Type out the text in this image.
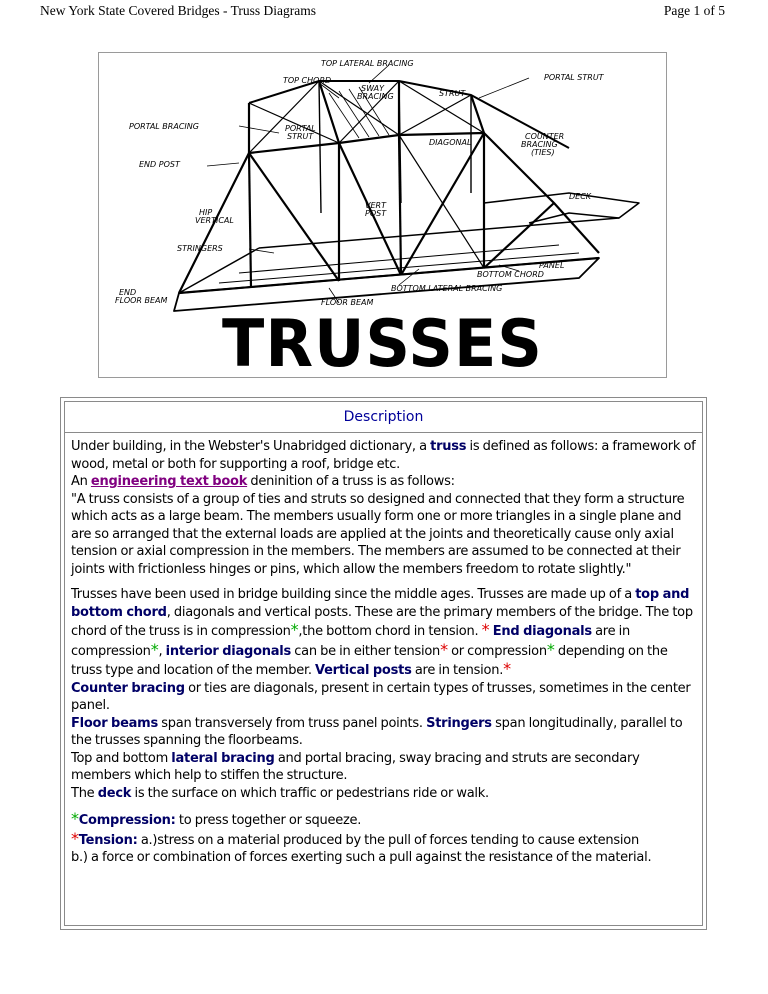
New York State Covered Bridges - Truss Diagrams	Page 1 of 5
TOP LATERAL BRACING
TOP CHORD
SWAY
BRACING	STRUT
PORTAL STRUT
PORTAL BRACING	PORTAL
STRUT	COUNTER
BRACING
(TIES)
DIAGONAL
END POST
DECK
HIP
VERTICAL
VERT
POST
STRINGERS
PANEL
BOTTOM CHORD
BOTTOM LATERAL BRACING
END
FLOOR BEAM	FLOOR BEAM
TRUSSES
Description

Under building, in the Webster's Unabridged dictionary, a truss is defined as follows: a framework of wood, metal or both for supporting a roof, bridge etc.
An engineering text book deninition of a truss is as follows:
"A truss consists of a group of ties and struts so designed and connected that they form a structure which acts as a large beam. The members usually form one or more triangles in a single plane and are so arranged that the external loads are applied at the joints and theoretically cause only axial tension or axial compression in the members. The members are assumed to be connected at their joints with frictionless hinges or pins, which allow the members freedom to rotate slightly."

Trusses have been used in bridge building since the middle ages. Trusses are made up of a top and bottom chord, diagonals and vertical posts. These are the primary members of the bridge. The top chord of the truss is in compression*,the bottom chord in tension. * End diagonals are in compression*, interior diagonals can be in either tension* or compression* depending on the truss type and location of the member. Vertical posts are in tension.*
Counter bracing or ties are diagonals, present in certain types of trusses, sometimes in the center panel.
Floor beams span transversely from truss panel points. Stringers span longitudinally, parallel to the trusses spanning the floorbeams.
Top and bottom lateral bracing and portal bracing, sway bracing and struts are secondary members which help to stiffen the structure.
The deck is the surface on which traffic or pedestrians ride or walk.

*Compression: to press together or squeeze.
*Tension: a.)stress on a material produced by the pull of forces tending to cause extension
b.) a force or combination of forces exerting such a pull against the resistance of the material.
